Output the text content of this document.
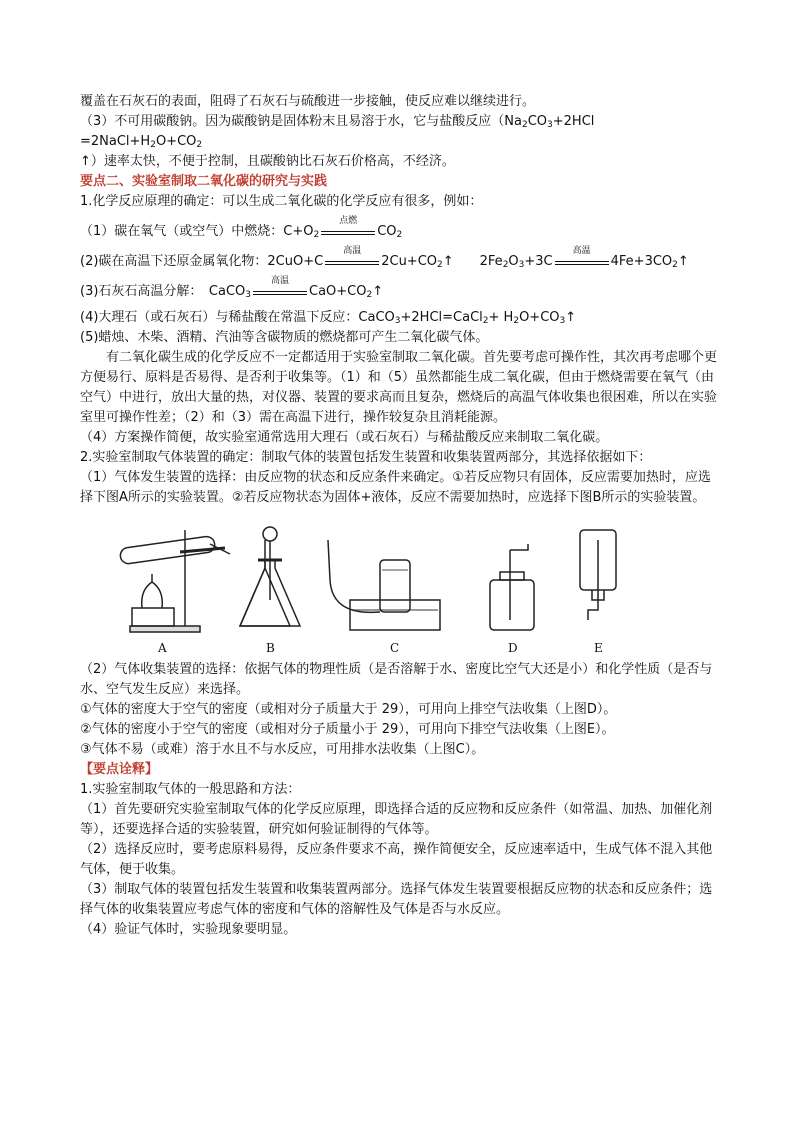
覆盖在石灰石的表面，阻碍了石灰石与硫酸进一步接触，使反应难以继续进行。

（3）不可用碳酸钠。因为碳酸钠是固体粉末且易溶于水，它与盐酸反应（$Na_2CO_3+2HCl$　$=2NaCl+H_2O+CO_2$

↑）速率太快，不便于控制，且碳酸钠比石灰石价格高，不经济。

要点二、实验室制取二氧化碳的研究与实践

1.化学反应原理的确定：可以生成二氧化碳的化学反应有很多，例如：

（1）碳在氧气（或空气）中燃烧：$C+O_2$
点燃
$CO_2$

(2)碳在高温下还原金属氧化物：2CuO+C
高温
$2Cu+CO_2↑$　　$2Fe_2O_3+3C$
高温
$4Fe+3CO_2↑$

(3)石灰石高温分解：　CaCO$_3$
高温
$CaO+CO_2↑$

(4)大理石（或石灰石）与稀盐酸在常温下反应：CaCO$_3$+2HCl=CaCl$_2$+ $H_2O+CO_3↑$

(5)蜡烛、木柴、酒精、汽油等含碳物质的燃烧都可产生二氧化碳气体。

有二氧化碳生成的化学反应不一定都适用于实验室制取二氧化碳。首先要考虑可操作性，其次再考虑哪个更方便易行、原料是否易得、是否利于收集等。（1）和（5）虽然都能生成二氧化碳，但由于燃烧需要在氧气（由空气）中进行，放出大量的热，对仪器、装置的要求高而且复杂，燃烧后的高温气体收集也很困难，所以在实验室里可操作性差；（2）和（3）需在高温下进行，操作较复杂且消耗能源。

（4）方案操作简便，故实验室通常选用大理石（或石灰石）与稀盐酸反应来制取二氧化碳。

2.实验室制取气体装置的确定：制取气体的装置包括发生装置和收集装置两部分，其选择依据如下：

（1）气体发生装置的选择：由反应物的状态和反应条件来确定。①若反应物只有固体，反应需要加热时，应选择下图A所示的实验装置。②若反应物状态为固体+液体，反应不需要加热时，应选择下图B所示的实验装置。

A	B	C	D	E

（2）气体收集装置的选择：依据气体的物理性质（是否溶解于水、密度比空气大还是小）和化学性质（是否与水、空气发生反应）来选择。

①气体的密度大于空气的密度（或相对分子质量大于 29），可用向上排空气法收集（上图D）。

②气体的密度小于空气的密度（或相对分子质量小于 29），可用向下排空气法收集（上图E）。

③气体不易（或难）溶于水且不与水反应，可用排水法收集（上图C）。

【要点诠释】

1.实验室制取气体的一般思路和方法：

（1）首先要研究实验室制取气体的化学反应原理，即选择合适的反应物和反应条件（如常温、加热、加催化剂等），还要选择合适的实验装置，研究如何验证制得的气体等。

（2）选择反应时，要考虑原料易得，反应条件要求不高，操作简便安全，反应速率适中，生成气体不混入其他气体，便于收集。

（3）制取气体的装置包括发生装置和收集装置两部分。选择气体发生装置要根据反应物的状态和反应条件；选择气体的收集装置应考虑气体的密度和气体的溶解性及气体是否与水反应。

（4）验证气体时，实验现象要明显。
